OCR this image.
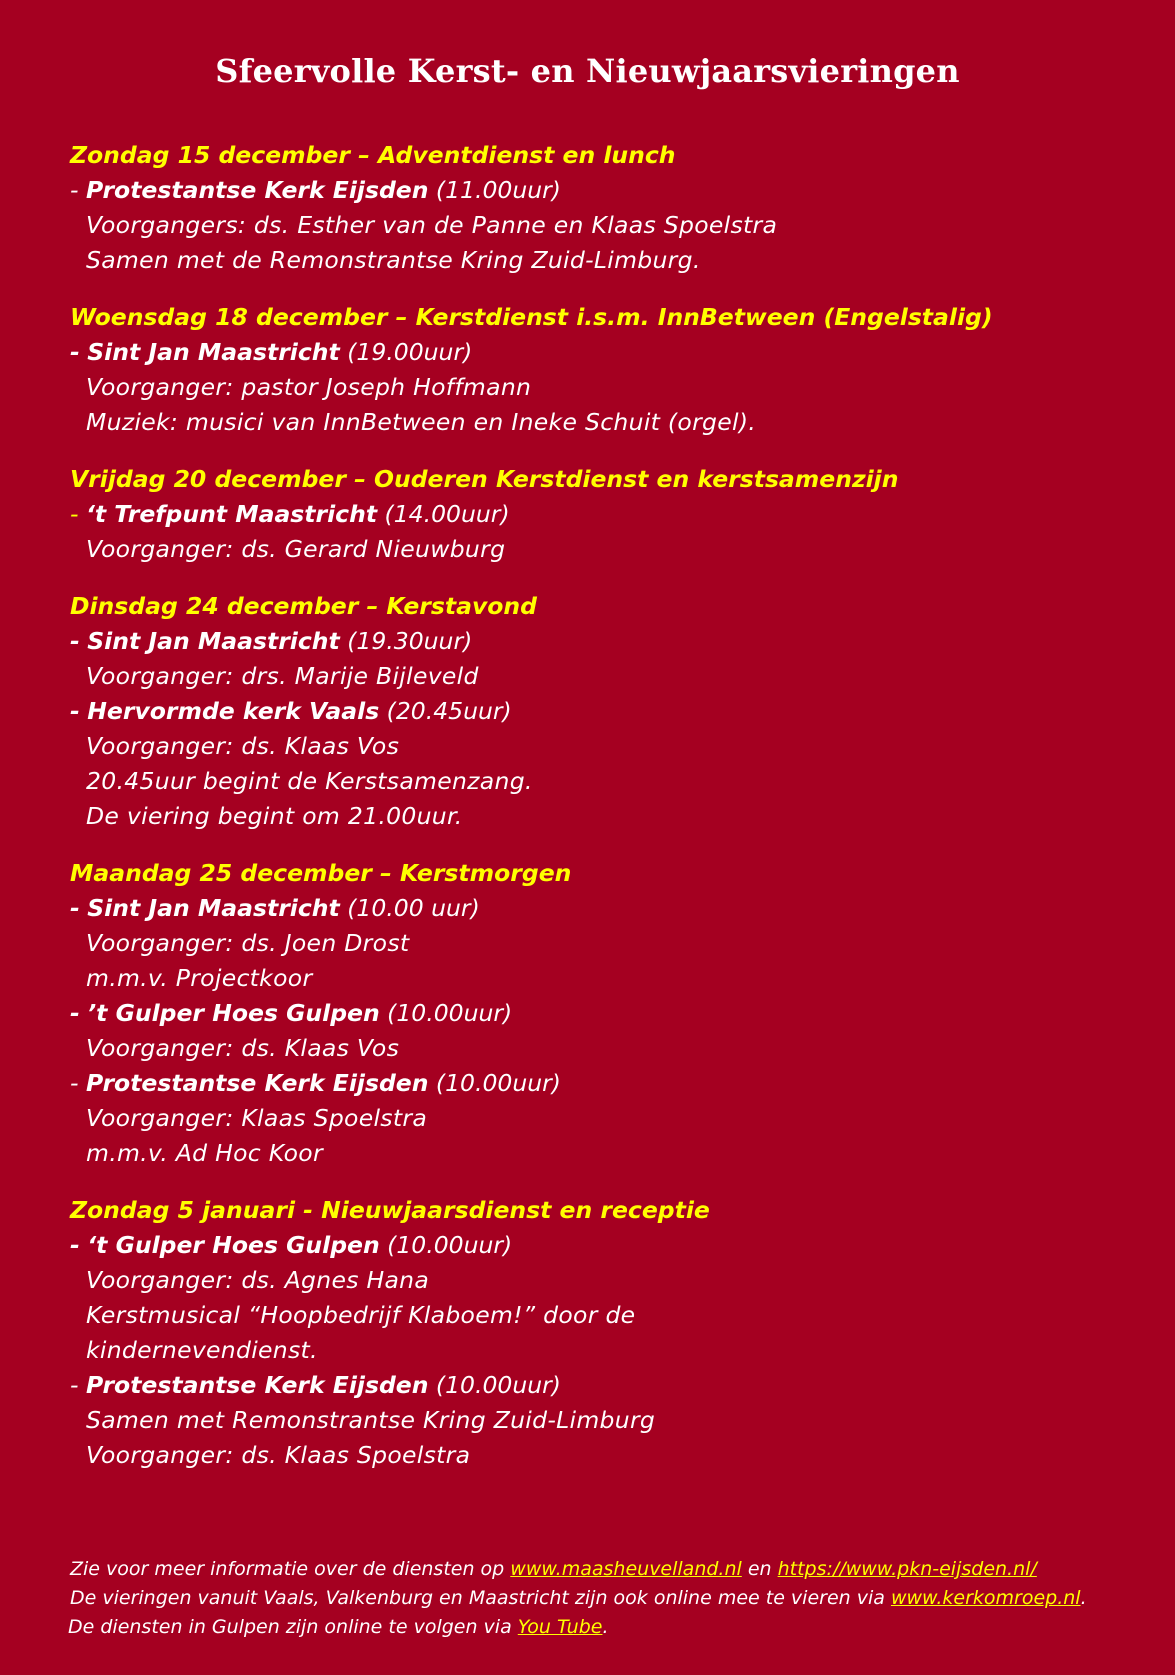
Sfeervolle Kerst- en Nieuwjaarsvieringen
Zondag 15 december – Adventdienst en lunch
- Protestantse Kerk Eijsden (11.00uur)
Voorgangers: ds. Esther van de Panne en Klaas Spoelstra
Samen met de Remonstrantse Kring Zuid-Limburg.
Woensdag 18 december – Kerstdienst i.s.m. InnBetween (Engelstalig)
- Sint Jan Maastricht (19.00uur)
Voorganger: pastor Joseph Hoffmann
Muziek: musici van InnBetween en Ineke Schuit (orgel).
Vrijdag 20 december – Ouderen Kerstdienst en kerstsamenzijn
- ‘t Trefpunt Maastricht (14.00uur)
Voorganger: ds. Gerard Nieuwburg
Dinsdag 24 december – Kerstavond
- Sint Jan Maastricht (19.30uur)
Voorganger: drs. Marije Bijleveld
- Hervormde kerk Vaals (20.45uur)
Voorganger: ds. Klaas Vos
20.45uur begint de Kerstsamenzang.
De viering begint om 21.00uur.
Maandag 25 december – Kerstmorgen
- Sint Jan Maastricht (10.00 uur)
Voorganger: ds. Joen Drost
m.m.v. Projectkoor
- ’t Gulper Hoes Gulpen (10.00uur)
Voorganger: ds. Klaas Vos
- Protestantse Kerk Eijsden (10.00uur)
Voorganger: Klaas Spoelstra
m.m.v. Ad Hoc Koor
Zondag 5 januari - Nieuwjaarsdienst en receptie
- ‘t Gulper Hoes Gulpen (10.00uur)
Voorganger: ds. Agnes Hana
Kerstmusical “Hoopbedrijf Klaboem!” door de
kindernevendienst.
- Protestantse Kerk Eijsden (10.00uur)
Samen met Remonstrantse Kring Zuid-Limburg
Voorganger: ds. Klaas Spoelstra
Zie voor meer informatie over de diensten op www.maasheuvelland.nl en https://www.pkn-eijsden.nl/
De vieringen vanuit Vaals, Valkenburg en Maastricht zijn ook online mee te vieren via www.kerkomroep.nl.
De diensten in Gulpen zijn online te volgen via You Tube.
